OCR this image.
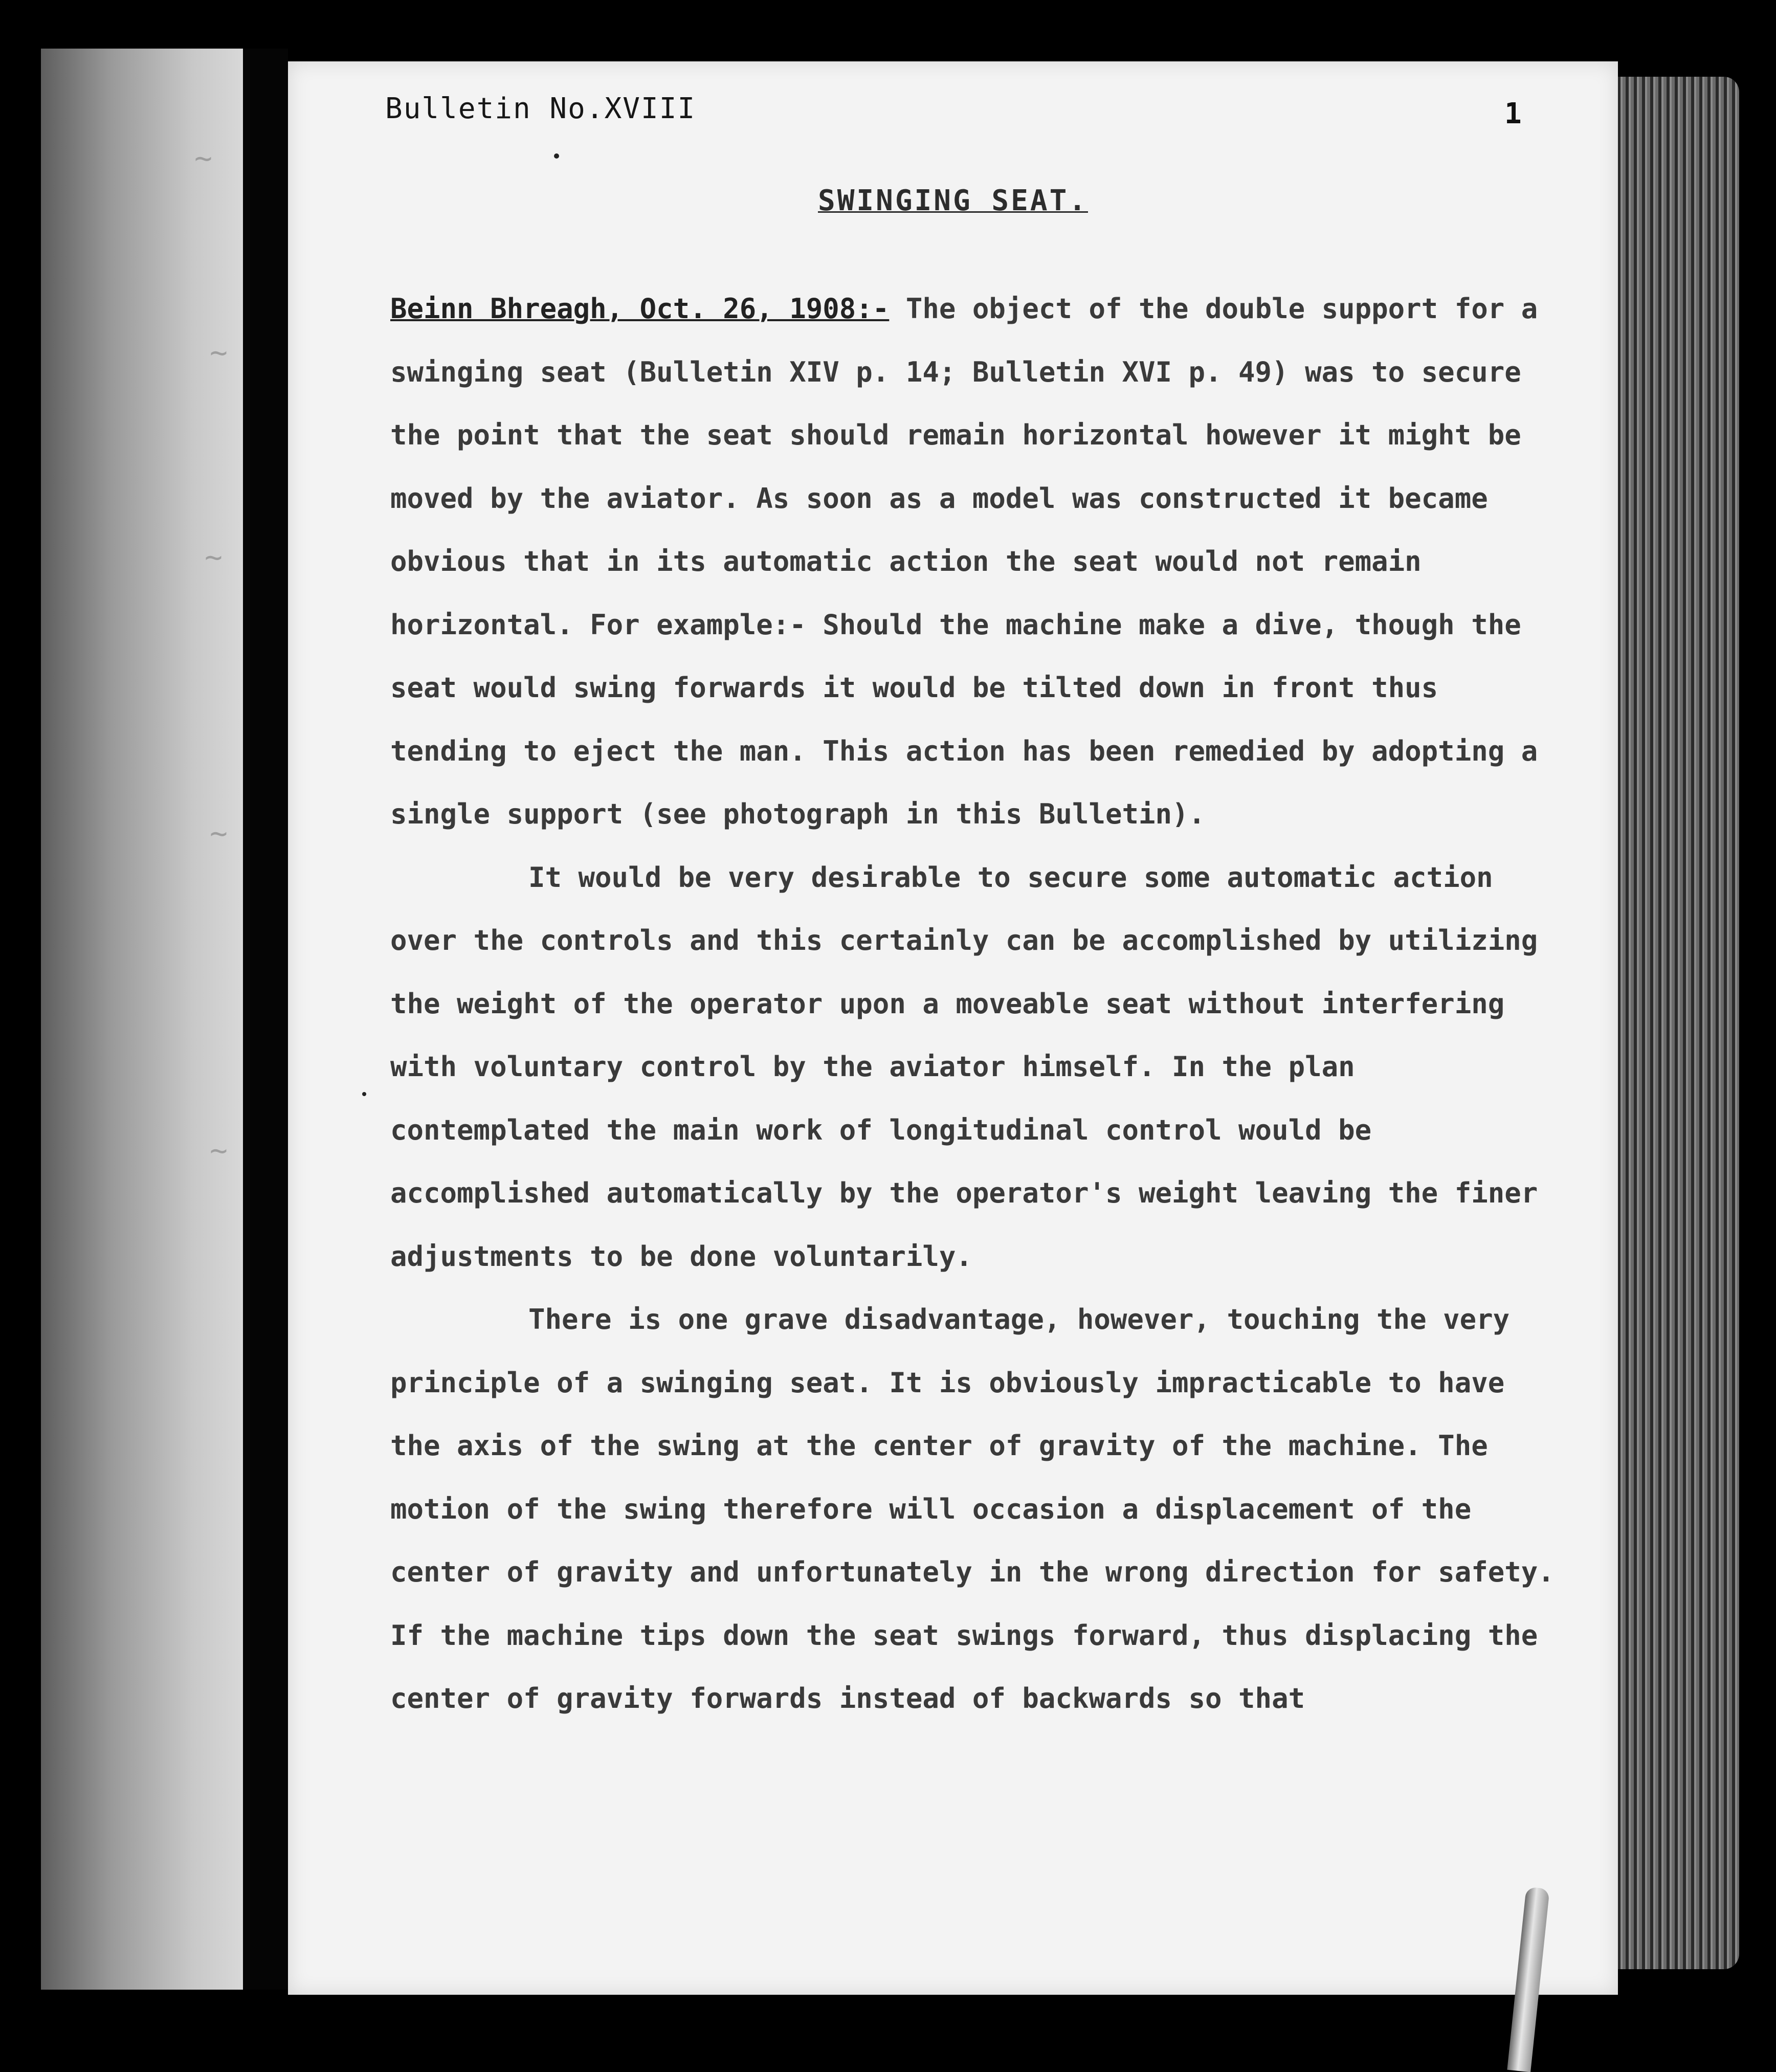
~
~
~
~
~
Bulletin No.XVIII	1
SWINGING SEAT.

Beinn Bhreagh, Oct. 26, 1908:- The object of the double support for a swinging seat (Bulletin XIV p. 14; Bulletin XVI p. 49) was to secure the point that the seat should remain horizontal however it might be moved by the aviator. As soon as a model was constructed it became obvious that in its automatic action the seat would not remain horizontal. For example:- Should the machine make a dive, though the seat would swing forwards it would be tilted down in front thus tending to eject the man. This action has been remedied by adopting a single support (see photograph in this Bulletin).

It would be very desirable to secure some automatic action over the controls and this certainly can be accomplished by utilizing the weight of the operator upon a moveable seat without interfering with voluntary control by the aviator himself. In the plan contemplated the main work of longitudinal control would be accomplished automatically by the operator's weight leaving the finer adjustments to be done voluntarily.

There is one grave disadvantage, however, touching the very principle of a swinging seat. It is obviously impracticable to have the axis of the swing at the center of gravity of the machine. The motion of the swing therefore will occasion a displacement of the center of gravity and unfortunately in the wrong direction for safety. If the machine tips down the seat swings forward, thus displacing the center of gravity forwards instead of backwards so that
